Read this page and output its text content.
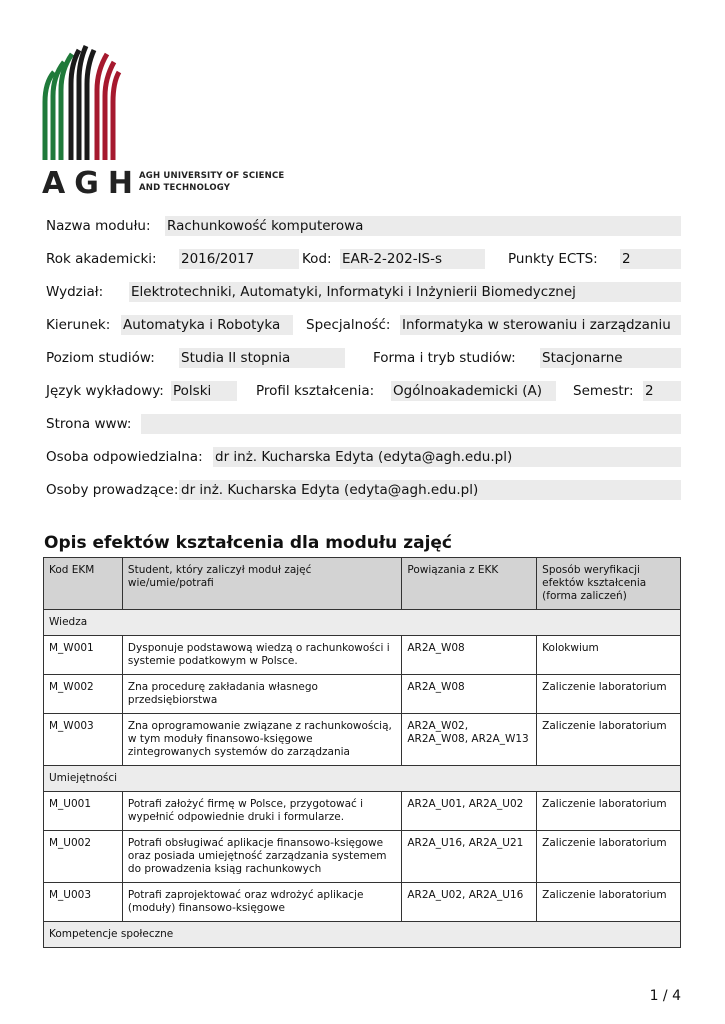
AGH
AGH UNIVERSITY OF SCIENCE
AND TECHNOLOGY
Nazwa modułu: Rachunkowość komputerowa
Rok akademicki: 2016/2017	Kod: EAR-2-202-IS-s	Punkty ECTS: 2
Wydział: Elektrotechniki, Automatyki, Informatyki i Inżynierii Biomedycznej
Kierunek: Automatyka i Robotyka	Specjalność: Informatyka w sterowaniu i zarządzaniu
Poziom studiów: Studia II stopnia	Forma i tryb studiów: Stacjonarne
Język wykładowy: Polski	Profil kształcenia: Ogólnoakademicki (A)	Semestr: 2
Strona www:
Osoba odpowiedzialna: dr inż. Kucharska Edyta (edyta@agh.edu.pl)
Osoby prowadzące: dr inż. Kucharska Edyta (edyta@agh.edu.pl)
Opis efektów kształcenia dla modułu zajęć
Kod EKM	Student, który zaliczył moduł zajęć wie/umie/potrafi	Powiązania z EKK	Sposób weryfikacji efektów kształcenia (forma zaliczeń)
Wiedza			
M_W001	Dysponuje podstawową wiedzą o rachunkowości i systemie podatkowym w Polsce.	AR2A_W08	Kolokwium
M_W002	Zna procedurę zakładania własnego przedsiębiorstwa	AR2A_W08	Zaliczenie laboratorium
M_W003	Zna oprogramowanie związane z rachunkowością, w tym moduły finansowo-księgowe zintegrowanych systemów do zarządzania	AR2A_W02, AR2A_W08, AR2A_W13	Zaliczenie laboratorium
Umiejętności			
M_U001	Potrafi założyć firmę w Polsce, przygotować i wypełnić odpowiednie druki i formularze.	AR2A_U01, AR2A_U02	Zaliczenie laboratorium
M_U002	Potrafi obsługiwać aplikacje finansowo-księgowe oraz posiada umiejętność zarządzania systemem do prowadzenia ksiąg rachunkowych	AR2A_U16, AR2A_U21	Zaliczenie laboratorium
M_U003	Potrafi zaprojektować oraz wdrożyć aplikacje (moduły) finansowo-księgowe	AR2A_U02, AR2A_U16	Zaliczenie laboratorium
Kompetencje społeczne			
1 / 4
